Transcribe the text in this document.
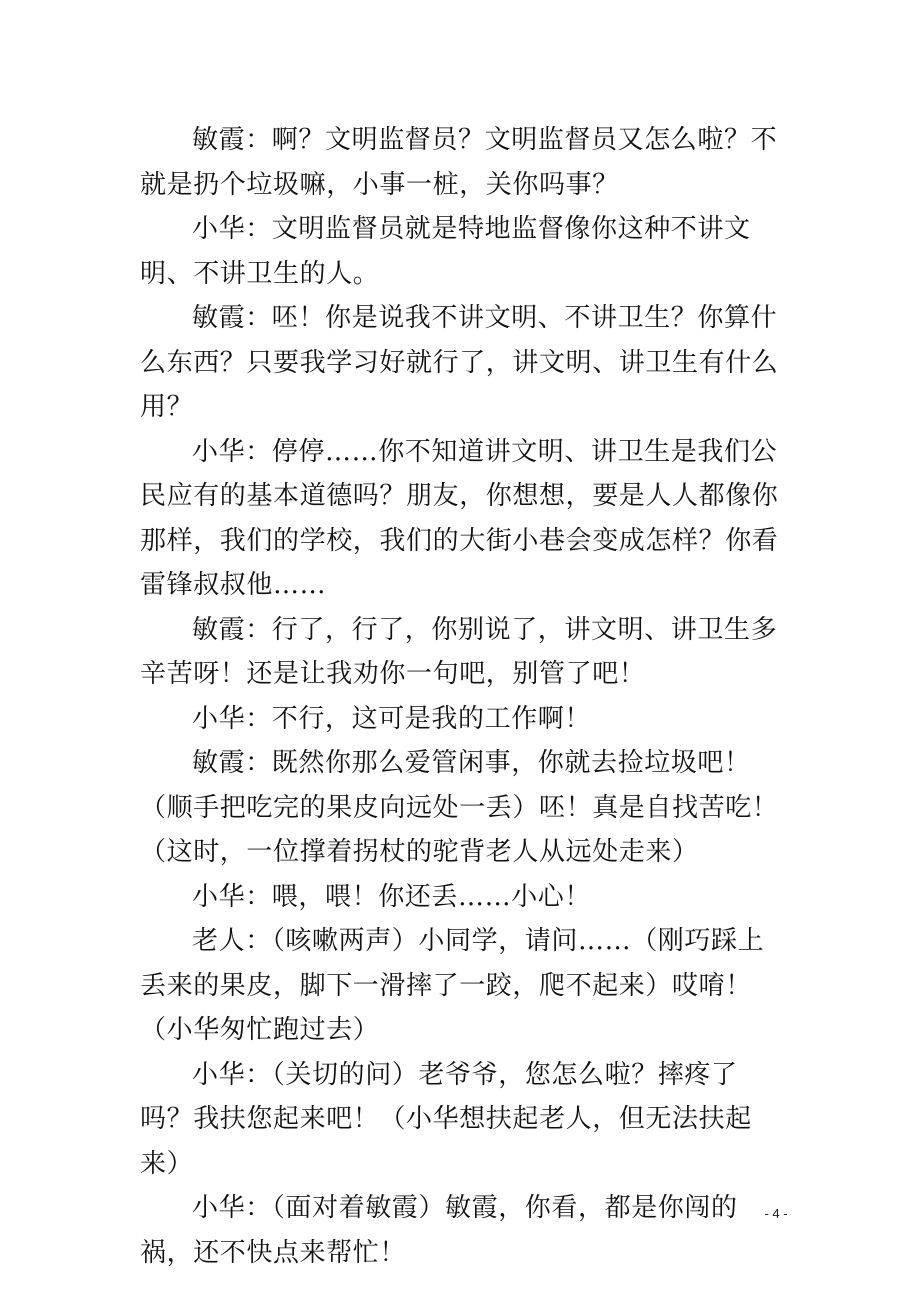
敏霞：啊？文明监督员？文明监督员又怎么啦？不就是扔个垃圾嘛，小事一桩，关你吗事？

小华：文明监督员就是特地监督像你这种不讲文明、不讲卫生的人。

敏霞：呸！你是说我不讲文明、不讲卫生？你算什么东西？只要我学习好就行了，讲文明、讲卫生有什么用？

小华：停停……你不知道讲文明、讲卫生是我们公民应有的基本道德吗？朋友，你想想，要是人人都像你那样，我们的学校，我们的大街小巷会变成怎样？你看雷锋叔叔他……

敏霞：行了，行了，你别说了，讲文明、讲卫生多辛苦呀！还是让我劝你一句吧，别管了吧！

小华：不行，这可是我的工作啊！

敏霞：既然你那么爱管闲事，你就去捡垃圾吧！（顺手把吃完的果皮向远处一丢）呸！真是自找苦吃！（这时，一位撑着拐杖的驼背老人从远处走来）

小华：喂，喂！你还丢……小心！

老人：（咳嗽两声）小同学，请问……（刚巧踩上丢来的果皮，脚下一滑摔了一跤，爬不起来）哎唷！（小华匆忙跑过去）

小华：（关切的问）老爷爷，您怎么啦？摔疼了吗？我扶您起来吧！（小华想扶起老人，但无法扶起来）

小华：（面对着敏霞）敏霞，你看，都是你闯的祸，还不快点来帮忙！

- 4 -
